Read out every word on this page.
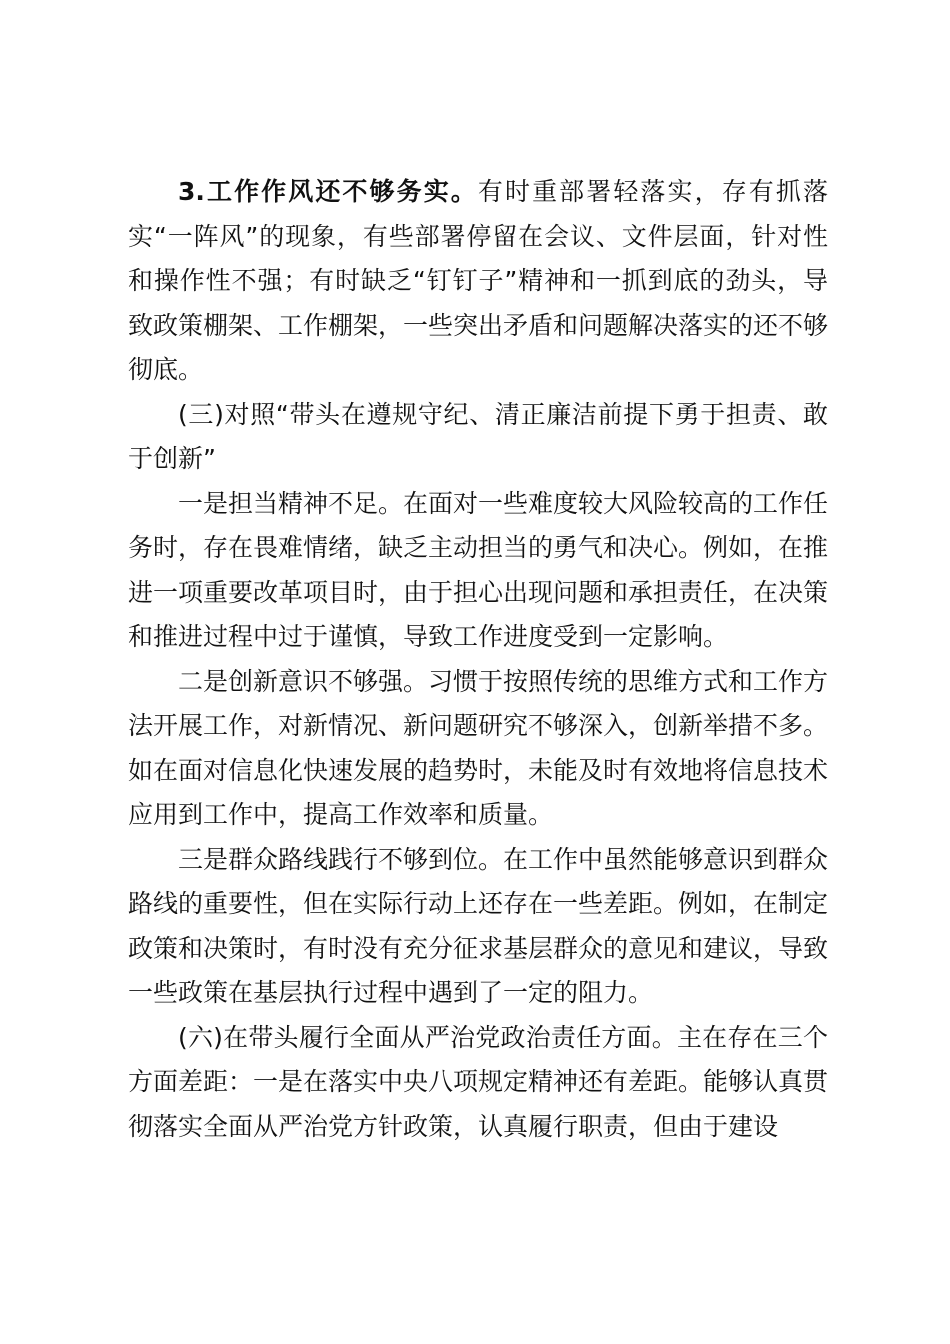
3.工作作风还不够务实。有时重部署轻落实，存有抓落实“一阵风”的现象，有些部署停留在会议、文件层面，针对性和操作性不强；有时缺乏“钉钉子”精神和一抓到底的劲头，导致政策棚架、工作棚架，一些突出矛盾和问题解决落实的还不够彻底。

(三)对照“带头在遵规守纪、清正廉洁前提下勇于担责、敢于创新”

一是担当精神不足。在面对一些难度较大风险较高的工作任务时，存在畏难情绪，缺乏主动担当的勇气和决心。例如，在推进一项重要改革项目时，由于担心出现问题和承担责任，在决策和推进过程中过于谨慎，导致工作进度受到一定影响。

二是创新意识不够强。习惯于按照传统的思维方式和工作方法开展工作，对新情况、新问题研究不够深入，创新举措不多。如在面对信息化快速发展的趋势时，未能及时有效地将信息技术应用到工作中，提高工作效率和质量。

三是群众路线践行不够到位。在工作中虽然能够意识到群众路线的重要性，但在实际行动上还存在一些差距。例如，在制定政策和决策时，有时没有充分征求基层群众的意见和建议，导致一些政策在基层执行过程中遇到了一定的阻力。

(六)在带头履行全面从严治党政治责任方面。主在存在三个方面差距：一是在落实中央八项规定精神还有差距。能够认真贯彻落实全面从严治党方针政策，认真履行职责，但由于建设
